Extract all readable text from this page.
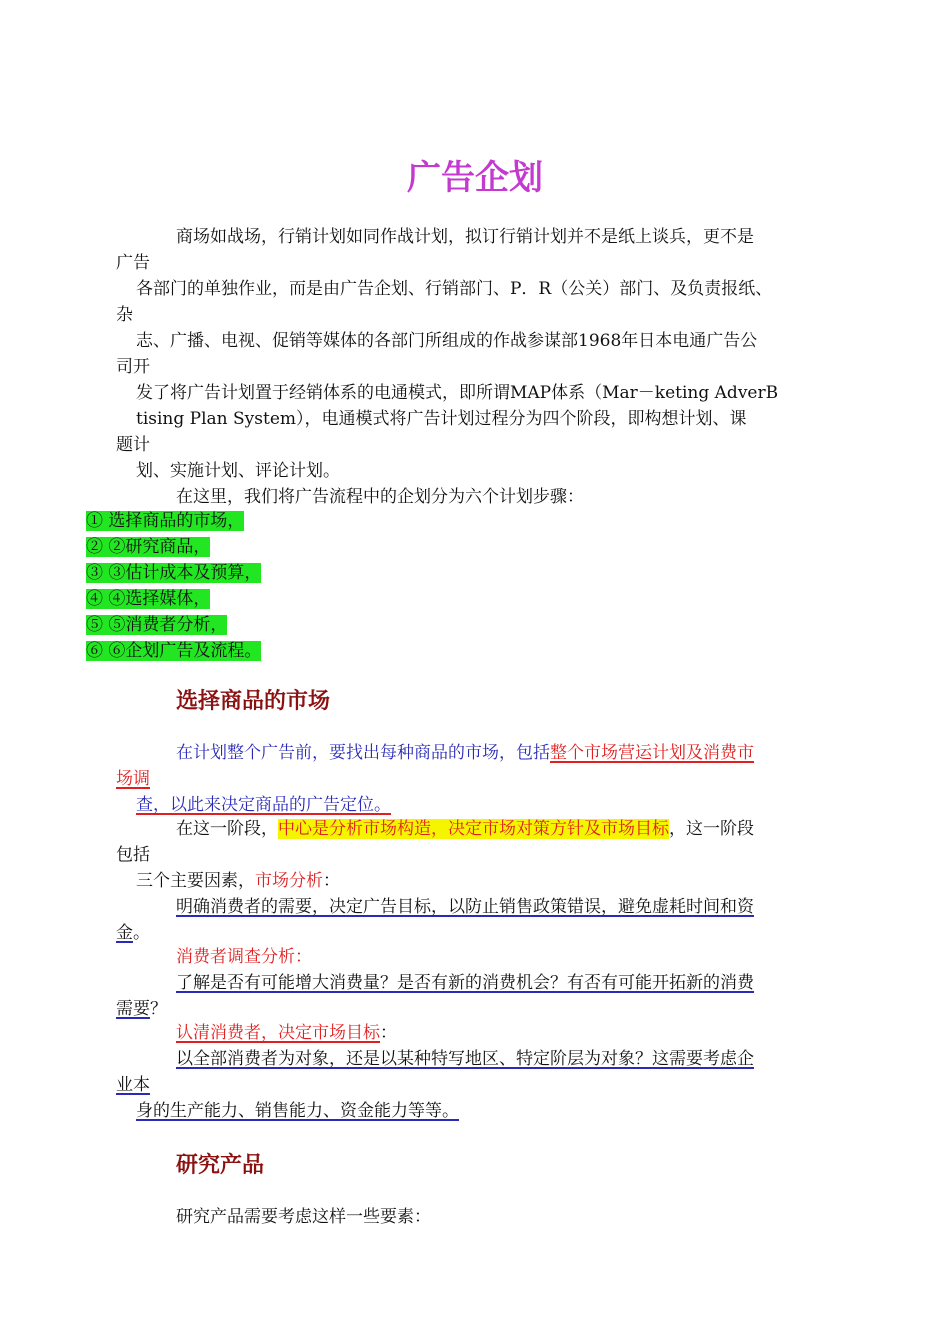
广告企划
商场如战场，行销计划如同作战计划，拟订行销计划并不是纸上谈兵，更不是
广告
各部门的单独作业，而是由广告企划、行销部门、P．R（公关）部门、及负责报纸、
杂
志、广播、电视、促销等媒体的各部门所组成的作战参谋部1968年日本电通广告公
司开
发了将广告计划置于经销体系的电通模式，即所谓MAP体系（Mar－keting AdverB
tising Plan System），电通模式将广告计划过程分为四个阶段，即构想计划、课
题计
划、实施计划、评论计划。
在这里，我们将广告流程中的企划分为六个计划步骤：
① 选择商品的市场，
② ②研究商品，
③ ③估计成本及预算，
④ ④选择媒体，
⑤ ⑤消费者分析，
⑥ ⑥企划广告及流程。
选择商品的市场
在计划整个广告前，要找出每种商品的市场，包括整个市场营运计划及消费市
场调
查，以此来决定商品的广告定位。
在这一阶段，中心是分析市场构造，决定市场对策方针及市场目标，这一阶段
包括
三个主要因素，市场分析：
明确消费者的需要，决定广告目标，以防止销售政策错误，避免虚耗时间和资
金。
消费者调查分析：
了解是否有可能增大消费量？是否有新的消费机会？有否有可能开拓新的消费
需要？
认清消费者，决定市场目标：
以全部消费者为对象，还是以某种特写地区、特定阶层为对象？这需要考虑企
业本
身的生产能力、销售能力、资金能力等等。
研究产品
研究产品需要考虑这样一些要素：
